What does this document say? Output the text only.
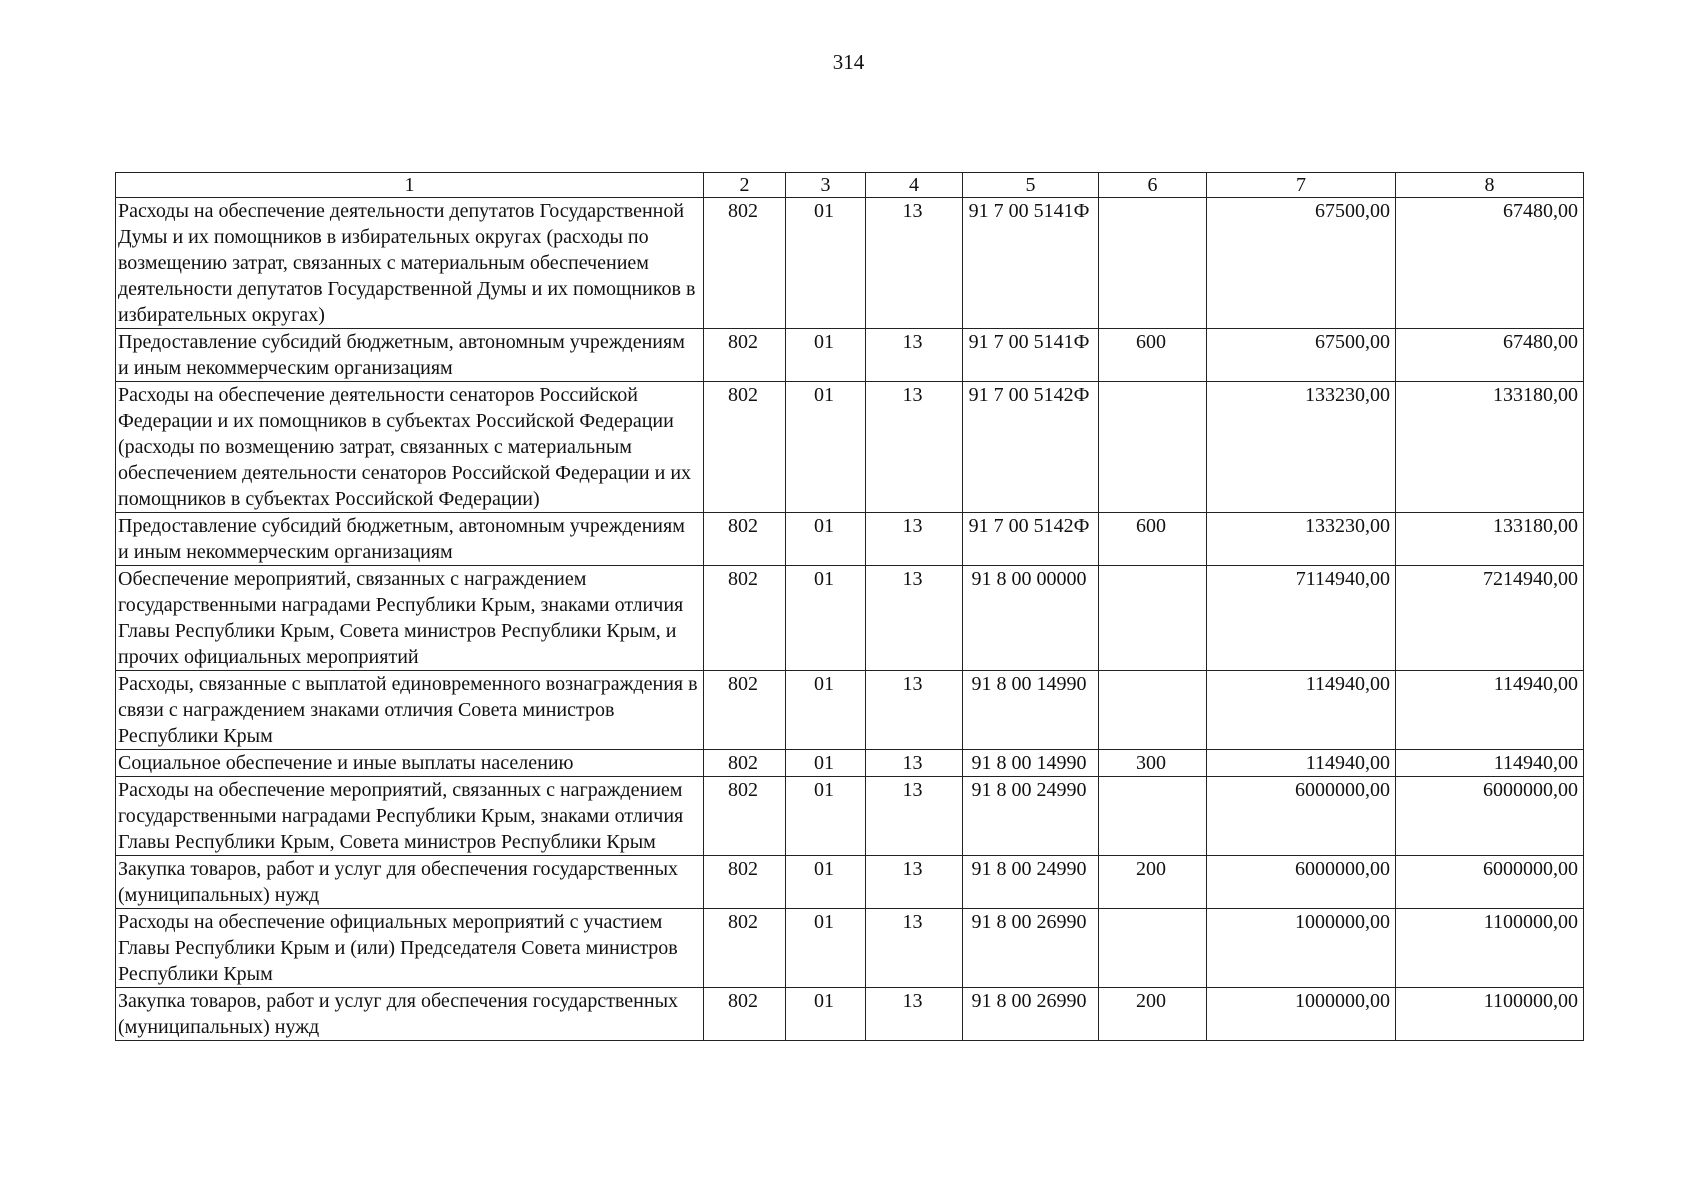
314
1	2	3	4	5	6	7	8
Расходы на обеспечение деятельности депутатов Государственной Думы и их помощников в избирательных округах (расходы по возмещению затрат, связанных с материальным обеспечением деятельности депутатов Государственной Думы и их помощников в избирательных округах)	802	01	13	91 7 00 5141Ф		67500,00	67480,00
Предоставление субсидий бюджетным, автономным учреждениям и иным некоммерческим организациям	802	01	13	91 7 00 5141Ф	600	67500,00	67480,00
Расходы на обеспечение деятельности сенаторов Российской Федерации и их помощников в субъектах Российской Федерации (расходы по возмещению затрат, связанных с материальным обеспечением деятельности сенаторов Российской Федерации и их помощников в субъектах Российской Федерации)	802	01	13	91 7 00 5142Ф		133230,00	133180,00
Предоставление субсидий бюджетным, автономным учреждениям и иным некоммерческим организациям	802	01	13	91 7 00 5142Ф	600	133230,00	133180,00
Обеспечение мероприятий, связанных с награждением государственными наградами Республики Крым, знаками отличия Главы Республики Крым, Совета министров Республики Крым, и прочих официальных мероприятий	802	01	13	91 8 00 00000		7114940,00	7214940,00
Расходы, связанные с выплатой единовременного вознаграждения в связи с награждением знаками отличия Совета министров Республики Крым	802	01	13	91 8 00 14990		114940,00	114940,00
Социальное обеспечение и иные выплаты населению	802	01	13	91 8 00 14990	300	114940,00	114940,00
Расходы на обеспечение мероприятий, связанных с награждением государственными наградами Республики Крым, знаками отличия Главы Республики Крым, Совета министров Республики Крым	802	01	13	91 8 00 24990		6000000,00	6000000,00
Закупка товаров, работ и услуг для обеспечения государственных (муниципальных) нужд	802	01	13	91 8 00 24990	200	6000000,00	6000000,00
Расходы на обеспечение официальных мероприятий с участием Главы Республики Крым и (или) Председателя Совета министров Республики Крым	802	01	13	91 8 00 26990		1000000,00	1100000,00
Закупка товаров, работ и услуг для обеспечения государственных (муниципальных) нужд	802	01	13	91 8 00 26990	200	1000000,00	1100000,00
